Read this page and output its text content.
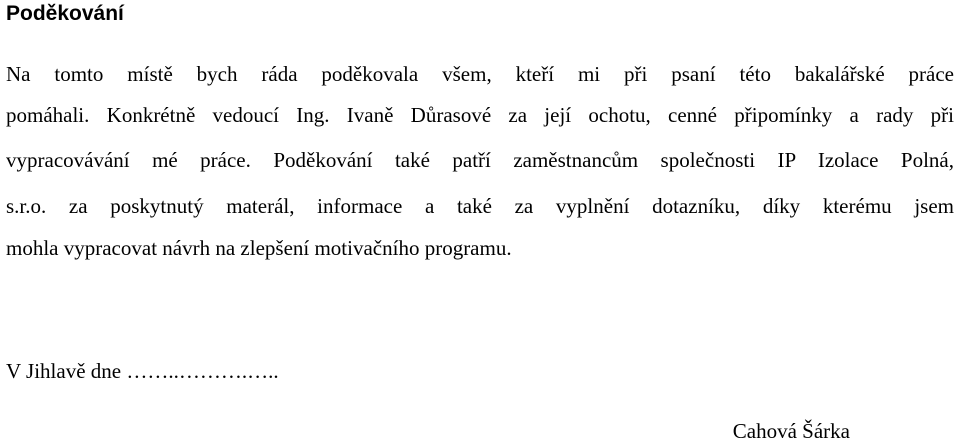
Poděkování

Na tomto místě bych ráda poděkovala všem, kteří mi při psaní této bakalářské práce

pomáhali. Konkrétně vedoucí Ing. Ivaně Důrasové za její ochotu, cenné připomínky a rady při

vypracovávání mé práce. Poděkování také patří zaměstnancům společnosti IP Izolace Polná,

s.r.o. za poskytnutý materál, informace a také za vyplnění dotazníku, díky kterému jsem

mohla vypracovat návrh na zlepšení motivačního programu.

V Jihlavě dne ……..……….…..

Cahová Šárka
